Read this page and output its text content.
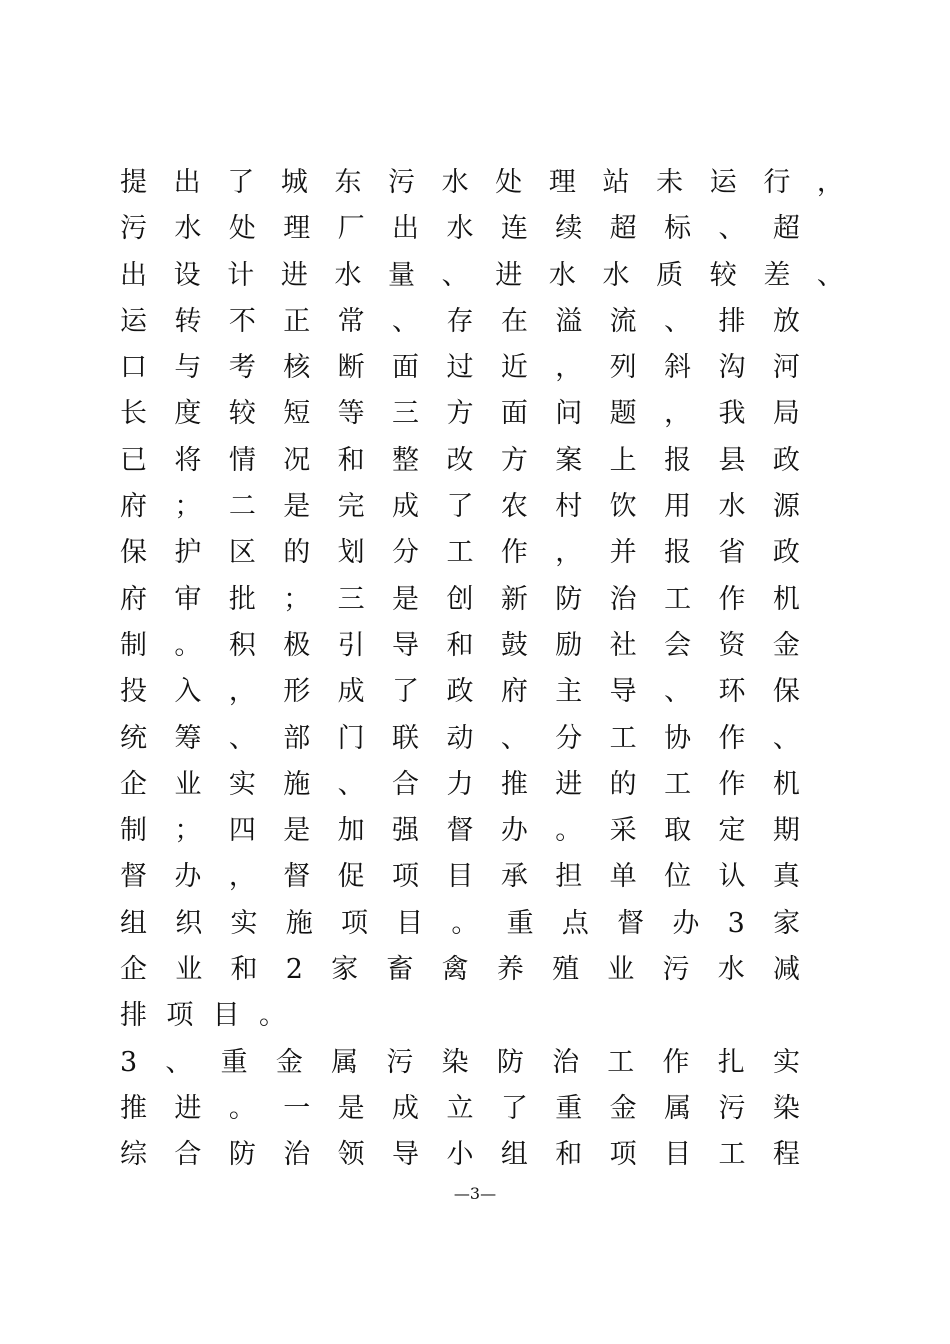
提 出 了 城 东 污 水 处 理 站 未 运 行 ，
污 水 处 理 厂 出 水 连 续 超 标 、 超
出 设 计 进 水 量 、 进 水 水 质 较 差 、
运 转 不 正 常 、 存 在 溢 流 、 排 放
口 与 考 核 断 面 过 近 ， 列 斜 沟 河
长 度 较 短 等 三 方 面 问 题 ， 我 局
已 将 情 况 和 整 改 方 案 上 报 县 政
府 ； 二 是 完 成 了 农 村 饮 用 水 源
保 护 区 的 划 分 工 作 ， 并 报 省 政
府 审 批 ； 三 是 创 新 防 治 工 作 机
制 。 积 极 引 导 和 鼓 励 社 会 资 金
投 入 ， 形 成 了 政 府 主 导 、 环 保
统 筹 、 部 门 联 动 、 分 工 协 作 、
企 业 实 施 、 合 力 推 进 的 工 作 机
制 ； 四 是 加 强 督 办 。 采 取 定 期
督 办 ， 督 促 项 目 承 担 单 位 认 真
组 织 实 施 项 目 。 重 点 督 办 3 家
企 业 和 2 家 畜 禽 养 殖 业 污 水 减
排 项 目 。
3 、 重 金 属 污 染 防 治 工 作 扎 实
推 进 。 一 是 成 立 了 重 金 属 污 染
综 合 防 治 领 导 小 组 和 项 目 工 程
—3—
